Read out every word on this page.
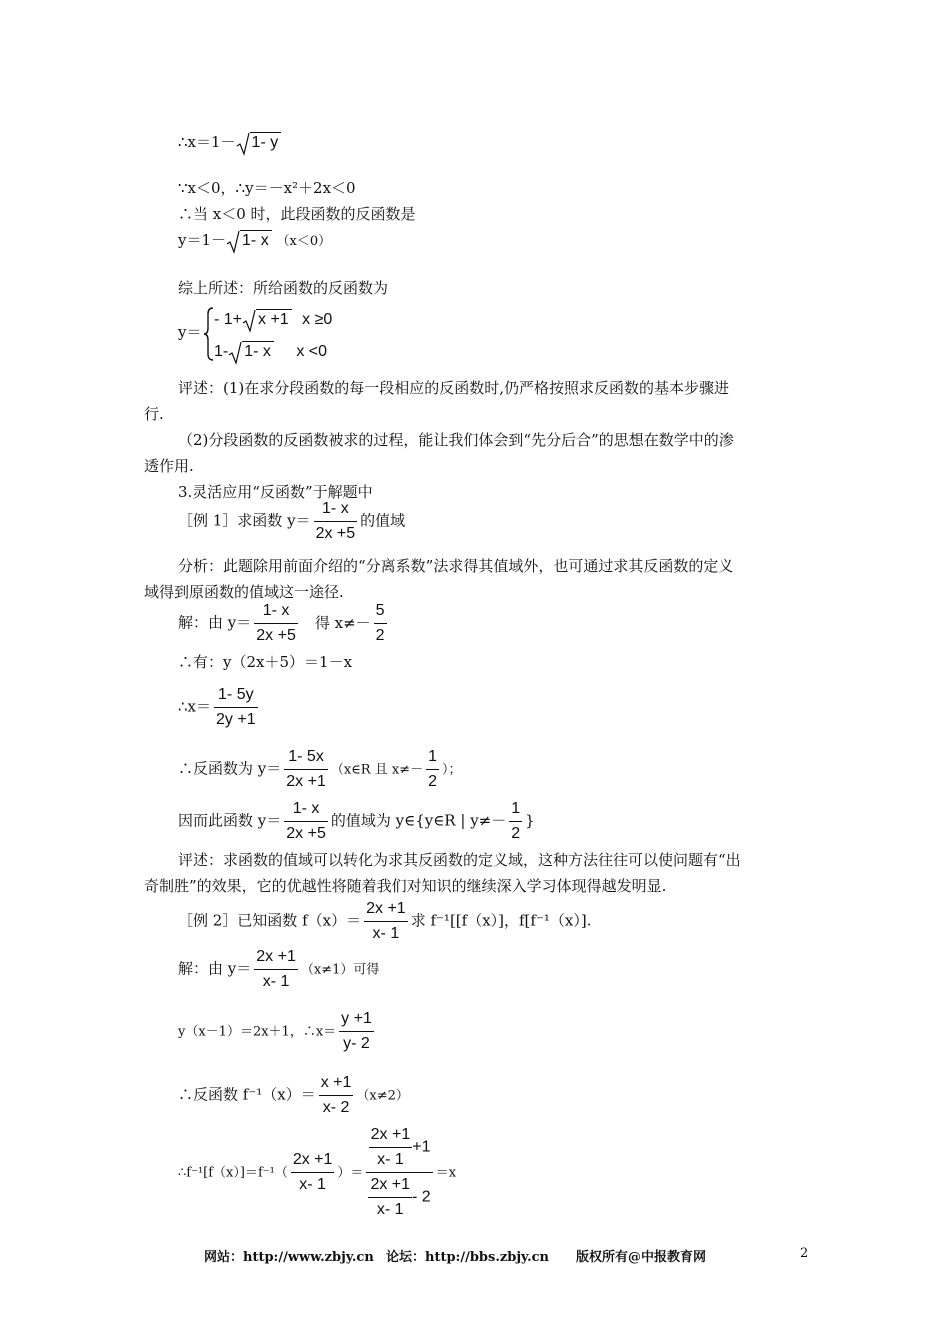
∴x＝1－ 1- y
∵x＜0，∴y＝－x²＋2x＜0
∴当 x＜0 时，此段函数的反函数是
y＝1－ 1- x （x＜0）
综上所述：所给函数的反函数为
y＝
- 1+ x +1 x ≥0
1- 1- x x <0
评述：(1)在求分段函数的每一段相应的反函数时,仍严格按照求反函数的基本步骤进
行.
（2)分段函数的反函数被求的过程，能让我们体会到“先分后合”的思想在数学中的渗
透作用.
3.灵活应用“反函数”于解题中
［例 1］求函数 $y= \frac{1- x}{2x +5}$ 的值域
分析：此题除用前面介绍的“分离系数”法求得其值域外，也可通过求其反函数的定义
域得到原函数的值域这一途径.
解：由 $y= \frac{1- x}{2x +5}$ 得 $x\ne- \frac{5}{2}$
∴有：y（2x＋5）＝1－x
∴x＝ $\frac{1- 5y}{2y +1}$
∴反函数为 $y= \frac{1- 5x}{2x +1}$ （x∈R 且 $x\ne- \frac{1}{2}$ ）；
因而此函数 $y= \frac{1- x}{2x +5}$ 的值域为 y∈{y∈R | $y\ne- \frac{1}{2}$ }
评述：求函数的值域可以转化为求其反函数的定义域，这种方法往往可以使问题有“出
奇制胜”的效果，它的优越性将随着我们对知识的继续深入学习体现得越发明显.
［例 2］已知函数 $f(x)= \frac{2x +1}{x- 1}$ 求 f⁻¹[[f（x）]，f[f⁻¹（x）].
解：由 $y= \frac{2x +1}{x- 1} (x\ne 1)$可得
y（x－1）＝2x＋1，∴x＝ $\frac{y +1}{y- 2}$
∴反函数 $f^{-1}(x)= \frac{x +1}{x- 2} (x\ne 2)$
∴f⁻¹[f（x）]＝f⁻¹（ $\frac{2x +1}{x- 1}$ ）＝ $\frac{\frac{2x +1}{x- 1} +1}{\frac{2x +1}{x- 1} - 2} =x$
网站：http://www.zbjy.cn 论坛：http://bbs.zbjy.cn 版权所有@中报教育网	2
